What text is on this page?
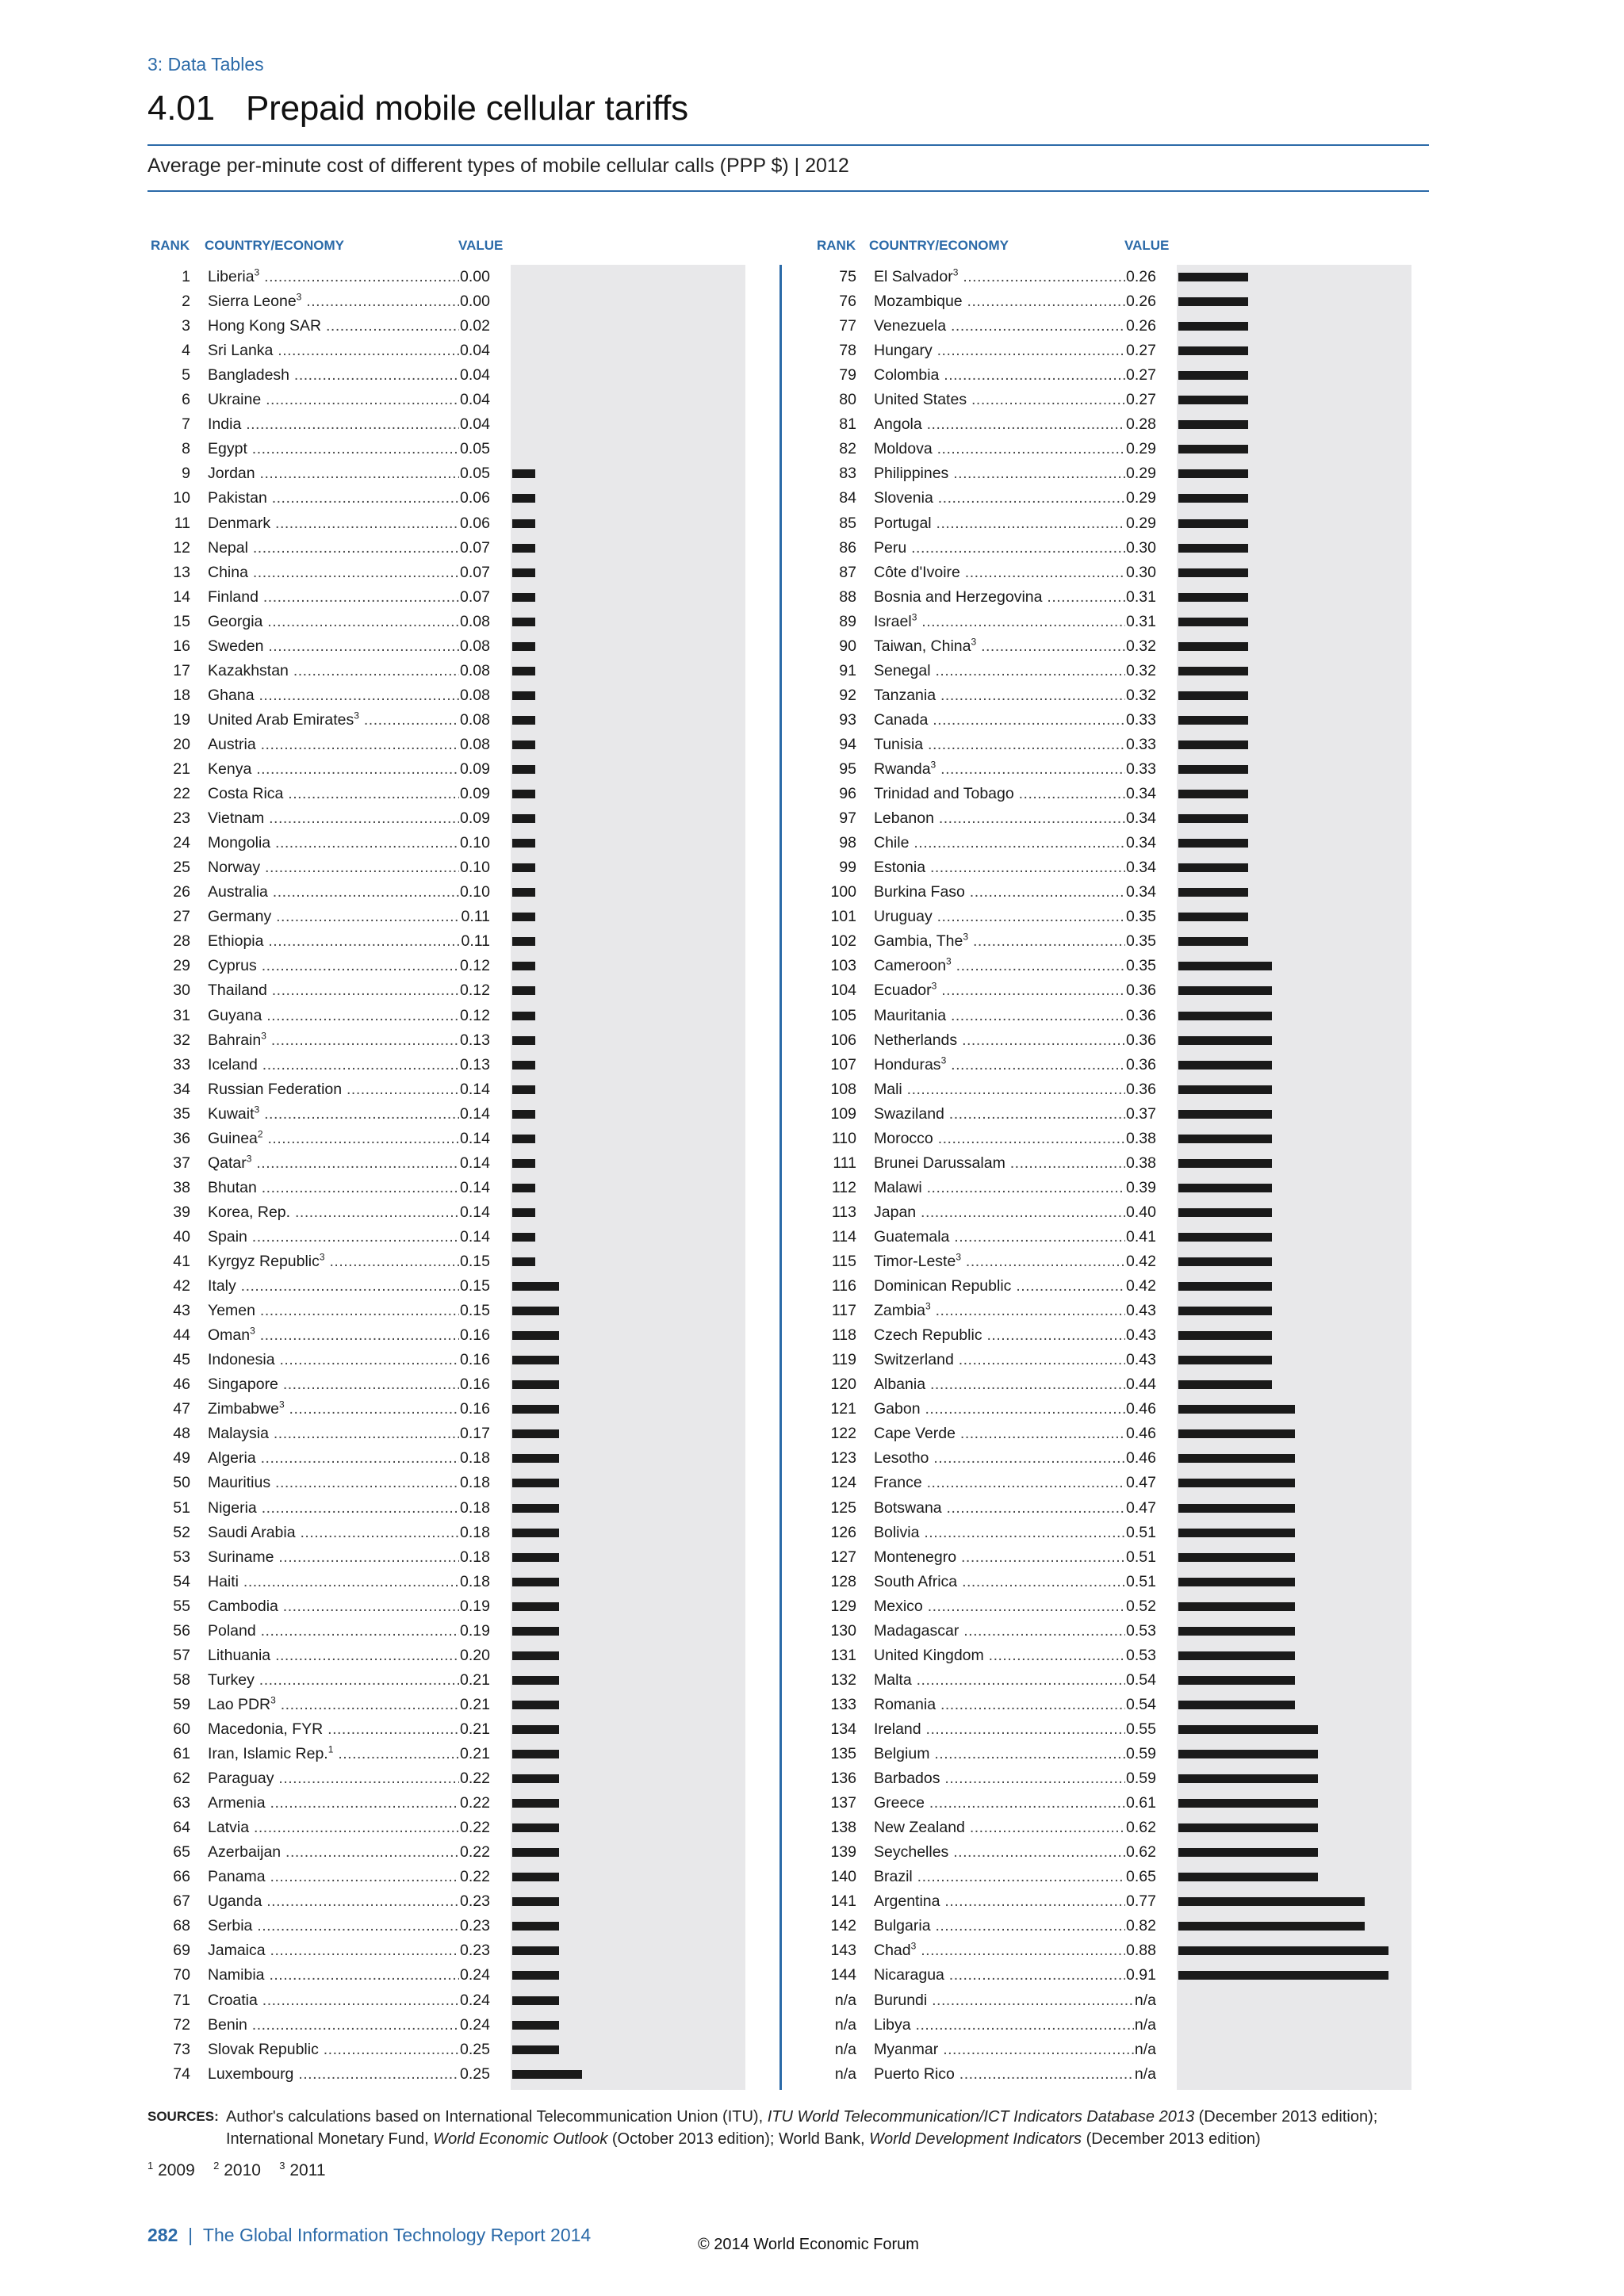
3: Data Tables
4.01 Prepaid mobile cellular tariffs
Average per-minute cost of different types of mobile cellular calls (PPP $) | 2012
RANK COUNTRY/ECONOMY	VALUE	RANK COUNTRY/ECONOMY	VALUE
1 Liberia$^3$ .....	0.00
2 Sierra Leone$^3$ .....	0.00
3 Hong Kong SAR .....	0.02
4 Sri Lanka .....	0.04
5 Bangladesh .....	0.04
6 Ukraine .....	0.04
7 India .....	0.04
8 Egypt .....	0.05
9 Jordan .....	0.05
10 Pakistan .....	0.06
11 Denmark .....	0.06
12 Nepal .....	0.07
13 China .....	0.07
14 Finland .....	0.07
15 Georgia .....	0.08
16 Sweden .....	0.08
17 Kazakhstan .....	0.08
18 Ghana .....	0.08
19 United Arab Emirates$^3$ .....	0.08
20 Austria .....	0.08
21 Kenya .....	0.09
22 Costa Rica .....	0.09
23 Vietnam .....	0.09
24 Mongolia .....	0.10
25 Norway .....	0.10
26 Australia .....	0.10
27 Germany .....	0.11
28 Ethiopia .....	0.11
29 Cyprus .....	0.12
30 Thailand .....	0.12
31 Guyana .....	0.12
32 Bahrain$^3$ .....	0.13
33 Iceland .....	0.13
34 Russian Federation .....	0.14
35 Kuwait$^3$ .....	0.14
36 Guinea$^2$ .....	0.14
37 Qatar$^3$ .....	0.14
38 Bhutan .....	0.14
39 Korea, Rep. .....	0.14
40 Spain .....	0.14
41 Kyrgyz Republic$^3$ .....	0.15
42 Italy .....	0.15
43 Yemen .....	0.15
44 Oman$^3$ .....	0.16
45 Indonesia .....	0.16
46 Singapore .....	0.16
47 Zimbabwe$^3$ .....	0.16
48 Malaysia .....	0.17
49 Algeria .....	0.18
50 Mauritius .....	0.18
51 Nigeria .....	0.18
52 Saudi Arabia .....	0.18
53 Suriname .....	0.18
54 Haiti .....	0.18
55 Cambodia .....	0.19
56 Poland .....	0.19
57 Lithuania .....	0.20
58 Turkey .....	0.21
59 Lao PDR$^3$ .....	0.21
60 Macedonia, FYR .....	0.21
61 Iran, Islamic Rep.$^1$ .....	0.21
62 Paraguay .....	0.22
63 Armenia .....	0.22
64 Latvia .....	0.22
65 Azerbaijan .....	0.22
66 Panama .....	0.22
67 Uganda .....	0.23
68 Serbia .....	0.23
69 Jamaica .....	0.23
70 Namibia .....	0.24
71 Croatia .....	0.24
72 Benin .....	0.24
73 Slovak Republic .....	0.25
74 Luxembourg .....	0.25
75 El Salvador$^3$ .....	0.26
76 Mozambique .....	0.26
77 Venezuela .....	0.26
78 Hungary .....	0.27
79 Colombia .....	0.27
80 United States .....	0.27
81 Angola .....	0.28
82 Moldova .....	0.29
83 Philippines .....	0.29
84 Slovenia .....	0.29
85 Portugal .....	0.29
86 Peru .....	0.30
87 Côte d'Ivoire .....	0.30
88 Bosnia and Herzegovina .....	0.31
89 Israel$^3$ .....	0.31
90 Taiwan, China$^3$ .....	0.32
91 Senegal .....	0.32
92 Tanzania .....	0.32
93 Canada .....	0.33
94 Tunisia .....	0.33
95 Rwanda$^3$ .....	0.33
96 Trinidad and Tobago .....	0.34
97 Lebanon .....	0.34
98 Chile .....	0.34
99 Estonia .....	0.34
100 Burkina Faso .....	0.34
101 Uruguay .....	0.35
102 Gambia, The$^3$ .....	0.35
103 Cameroon$^3$ .....	0.35
104 Ecuador$^3$ .....	0.36
105 Mauritania .....	0.36
106 Netherlands .....	0.36
107 Honduras$^3$ .....	0.36
108 Mali .....	0.36
109 Swaziland .....	0.37
110 Morocco .....	0.38
111 Brunei Darussalam .....	0.38
112 Malawi .....	0.39
113 Japan .....	0.40
114 Guatemala .....	0.41
115 Timor-Leste$^3$ .....	0.42
116 Dominican Republic .....	0.42
117 Zambia$^3$ .....	0.43
118 Czech Republic .....	0.43
119 Switzerland .....	0.43
120 Albania .....	0.44
121 Gabon .....	0.46
122 Cape Verde .....	0.46
123 Lesotho .....	0.46
124 France .....	0.47
125 Botswana .....	0.47
126 Bolivia .....	0.51
127 Montenegro .....	0.51
128 South Africa .....	0.51
129 Mexico .....	0.52
130 Madagascar .....	0.53
131 United Kingdom .....	0.53
132 Malta .....	0.54
133 Romania .....	0.54
134 Ireland .....	0.55
135 Belgium .....	0.59
136 Barbados .....	0.59
137 Greece .....	0.61
138 New Zealand .....	0.62
139 Seychelles .....	0.62
140 Brazil .....	0.65
141 Argentina .....	0.77
142 Bulgaria .....	0.82
143 Chad$^3$ .....	0.88
144 Nicaragua .....	0.91
n/a Burundi .....	n/a
n/a Libya .....	n/a
n/a Myanmar .....	n/a
n/a Puerto Rico .....	n/a
SOURCES: Author's calculations based on International Telecommunication Union (ITU), ITU World Telecommunication/ICT Indicators Database 2013 (December 2013 edition); International Monetary Fund, World Economic Outlook (October 2013 edition); World Bank, World Development Indicators (December 2013 edition)
$^1$ 2009 $^2$ 2010 $^3$ 2011
282 | The Global Information Technology Report 2014	© 2014 World Economic Forum
